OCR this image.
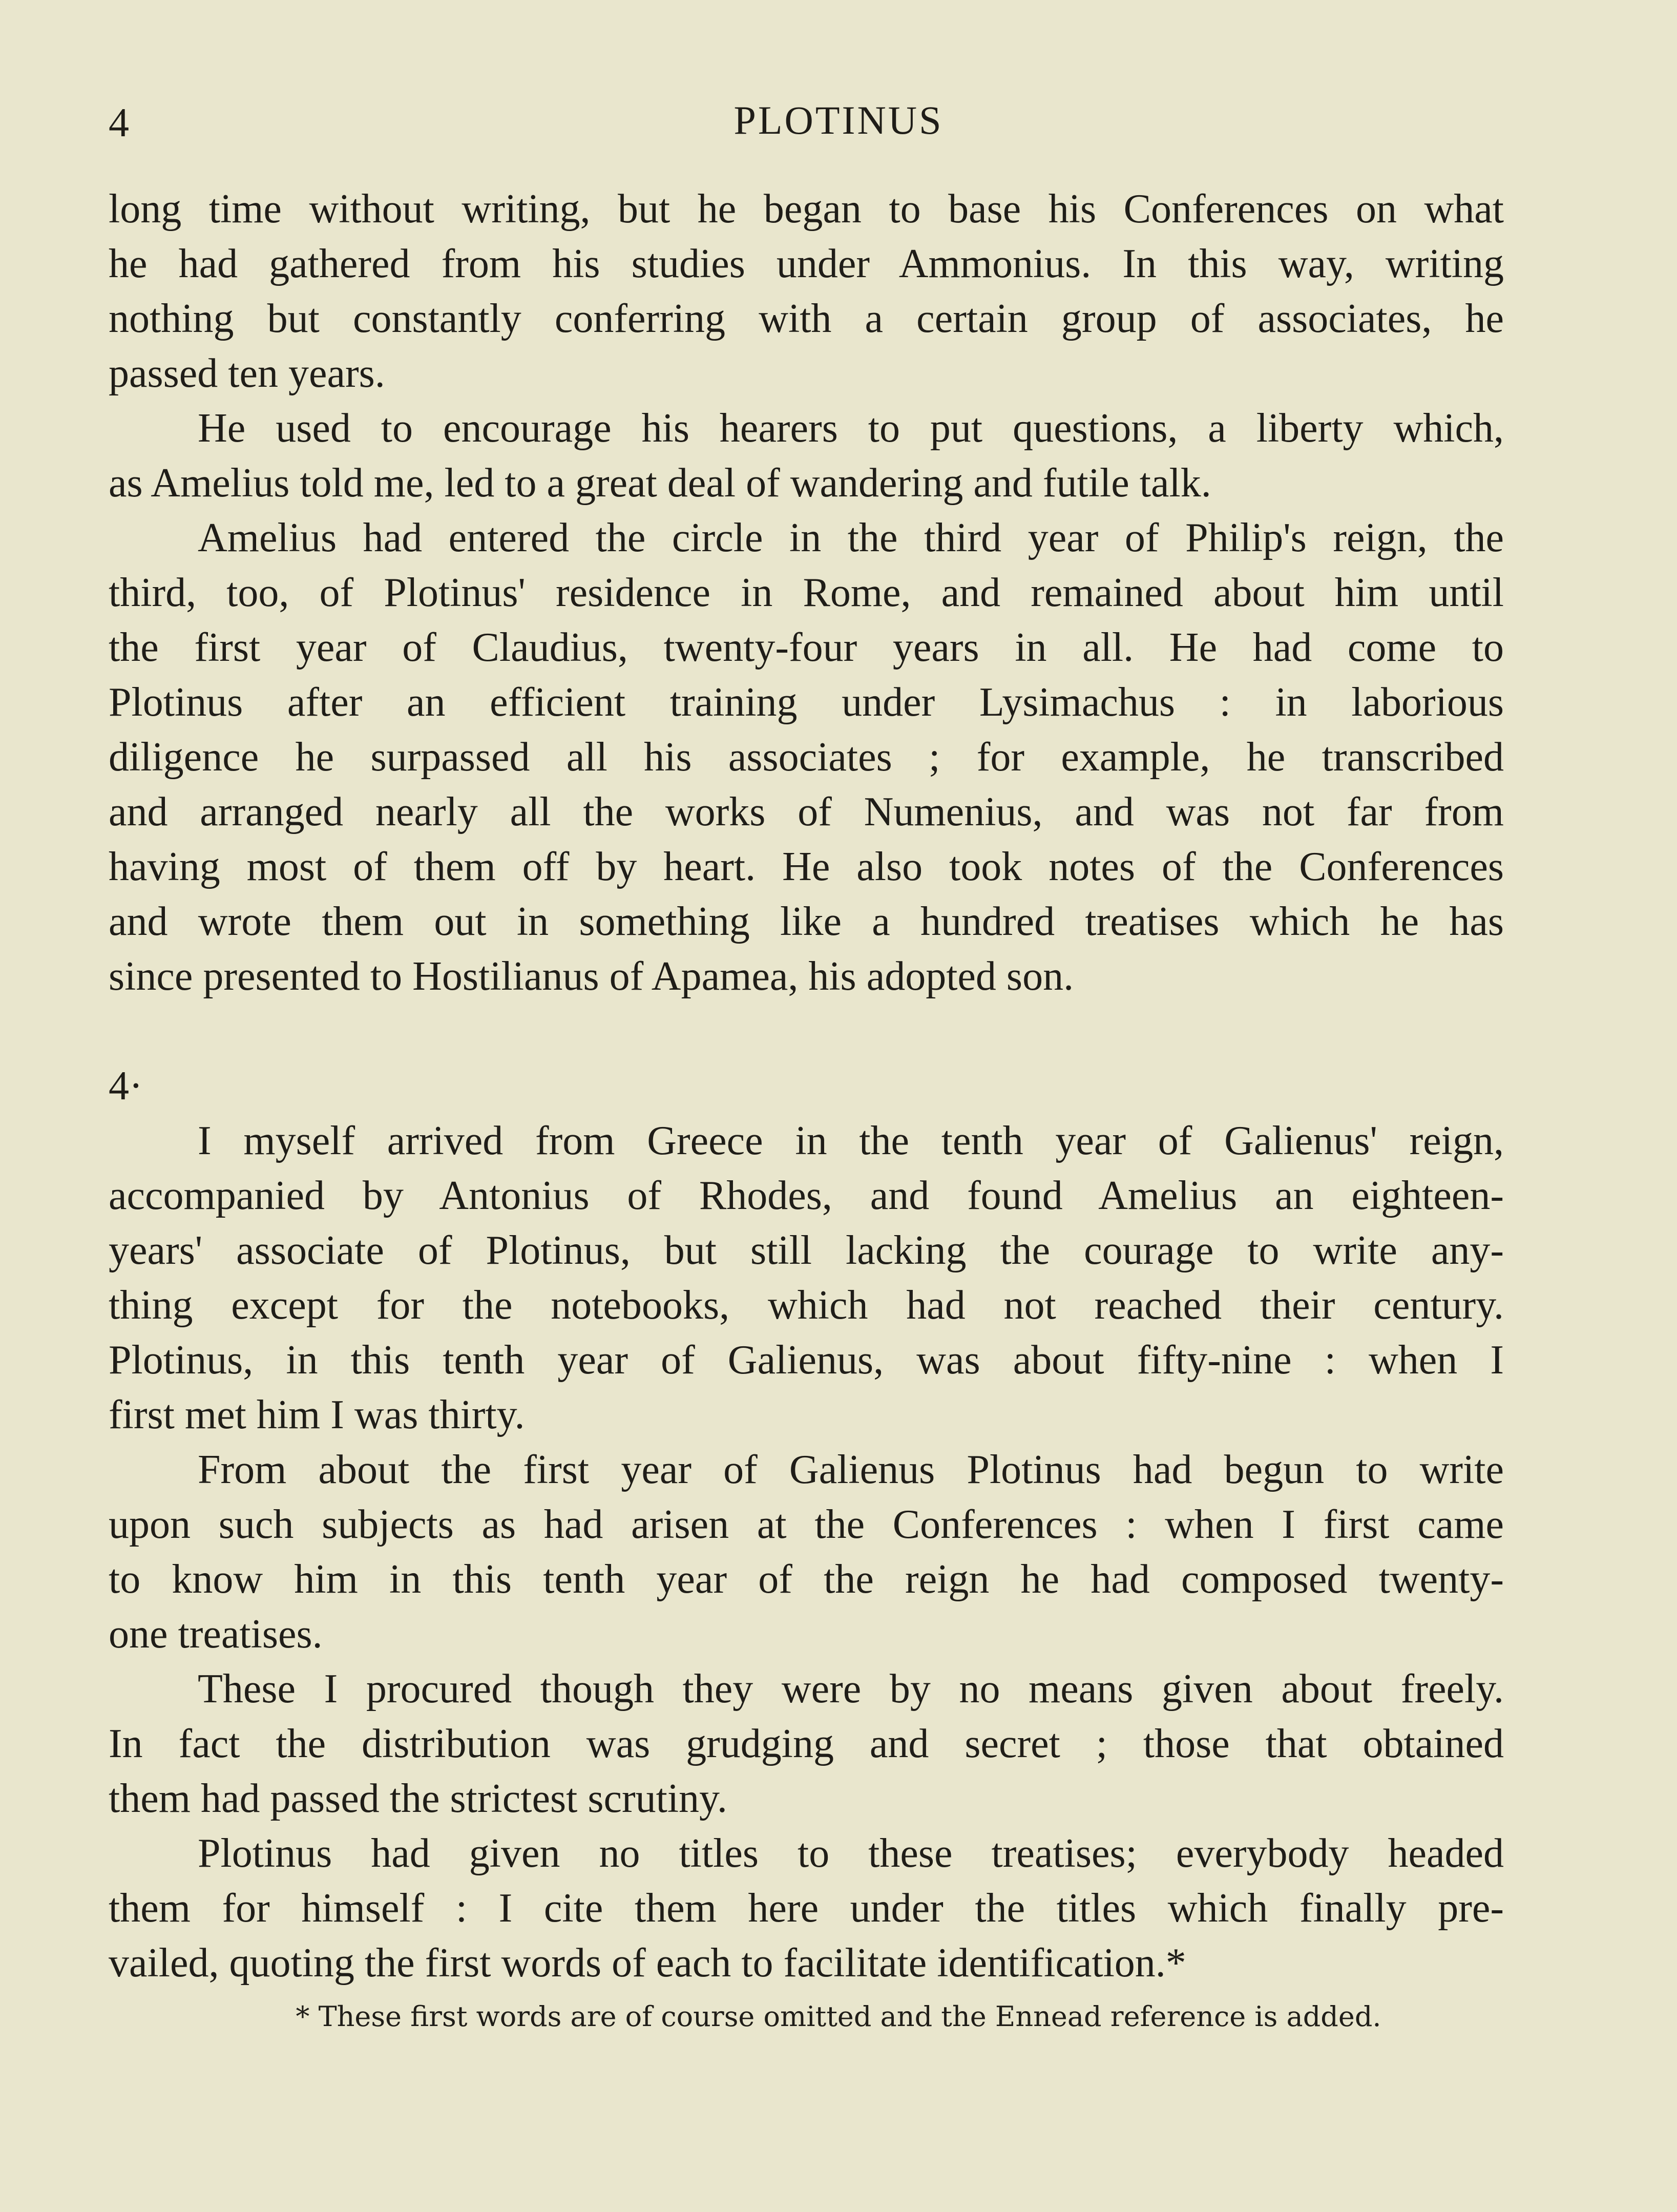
4	PLOTINUS
long time without writing, but he began to base his Conferences on what
he had gathered from his studies under Ammonius. In this way, writing
nothing but constantly conferring with a certain group of associates, he
passed ten years.
He used to encourage his hearers to put questions, a liberty which,
as Amelius told me, led to a great deal of wandering and futile talk.
Amelius had entered the circle in the third year of Philip's reign, the
third, too, of Plotinus' residence in Rome, and remained about him until
the first year of Claudius, twenty-four years in all. He had come to
Plotinus after an efficient training under Lysimachus : in laborious
diligence he surpassed all his associates ; for example, he transcribed
and arranged nearly all the works of Numenius, and was not far from
having most of them off by heart. He also took notes of the Conferences
and wrote them out in something like a hundred treatises which he has
since presented to Hostilianus of Apamea, his adopted son.
4·
I myself arrived from Greece in the tenth year of Galienus' reign,
accompanied by Antonius of Rhodes, and found Amelius an eighteen-
years' associate of Plotinus, but still lacking the courage to write any-
thing except for the notebooks, which had not reached their century.
Plotinus, in this tenth year of Galienus, was about fifty-nine : when I
first met him I was thirty.
From about the first year of Galienus Plotinus had begun to write
upon such subjects as had arisen at the Conferences : when I first came
to know him in this tenth year of the reign he had composed twenty-
one treatises.
These I procured though they were by no means given about freely.
In fact the distribution was grudging and secret ; those that obtained
them had passed the strictest scrutiny.
Plotinus had given no titles to these treatises; everybody headed
them for himself : I cite them here under the titles which finally pre-
vailed, quoting the first words of each to facilitate identification.*
* These first words are of course omitted and the Ennead reference is added.
